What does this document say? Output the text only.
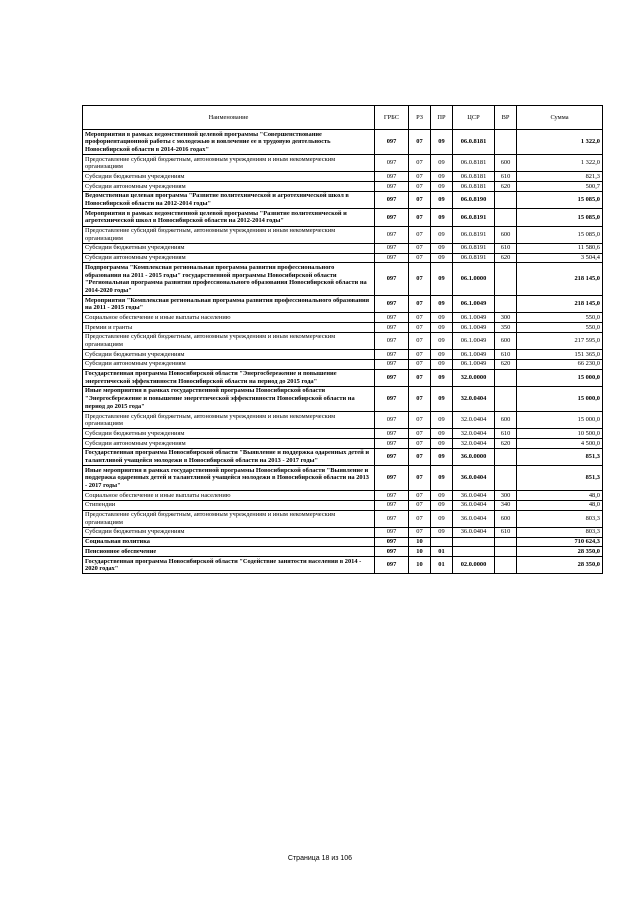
Наименование	ГРБС	РЗ	ПР	ЦСР	ВР	Сумма
Мероприятия в рамках ведомственной целевой программы "Совершенствование профориентационной работы с молодежью и вовлечение ее в трудовую деятельность Новосибирской области в 2014-2016 годах"	097	07	09	06.0.8181		1 322,0
Предоставление субсидий бюджетным, автономным учреждениям и иным некоммерческим организациям	097	07	09	06.0.8181	600	1 322,0
Субсидии бюджетным учреждениям	097	07	09	06.0.8181	610	821,3
Субсидии автономным учреждениям	097	07	09	06.0.8181	620	500,7
Ведомственная целевая программа "Развитие политехнической и агротехнической школ в Новосибирской области на 2012-2014 годы"	097	07	09	06.0.8190		15 085,0
Мероприятия в рамках ведомственной целевой программы "Развитие политехнической и агротехнической школ в Новосибирской области на 2012-2014 годы"	097	07	09	06.0.8191		15 085,0
Предоставление субсидий бюджетным, автономным учреждениям и иным некоммерческим организациям	097	07	09	06.0.8191	600	15 085,0
Субсидии бюджетным учреждениям	097	07	09	06.0.8191	610	11 580,6
Субсидии автономным учреждениям	097	07	09	06.0.8191	620	3 504,4
Подпрограмма "Комплексная региональная программа развития профессионального образования на 2011 - 2015 годы" государственной программы Новосибирской области "Региональная программа развития профессионального образования Новосибирской области на 2014-2020 годы"	097	07	09	06.1.0000		218 145,0
Мероприятия "Комплексная региональная программа развития профессионального образования на 2011 - 2015 годы"	097	07	09	06.1.0049		218 145,0
Социальное обеспечение и иные выплаты населению	097	07	09	06.1.0049	300	550,0
Премии и гранты	097	07	09	06.1.0049	350	550,0
Предоставление субсидий бюджетным, автономным учреждениям и иным некоммерческим организациям	097	07	09	06.1.0049	600	217 595,0
Субсидии бюджетным учреждениям	097	07	09	06.1.0049	610	151 365,0
Субсидии автономным учреждениям	097	07	09	06.1.0049	620	66 230,0
Государственная программа Новосибирской области "Энергосбережение и повышение энергетической эффективности Новосибирской области на период до 2015 года"	097	07	09	32.0.0000		15 000,0
Иные мероприятия в рамках государственной программы Новосибирской области "Энергосбережение и повышение энергетической эффективности Новосибирской области на период до 2015 года"	097	07	09	32.0.0404		15 000,0
Предоставление субсидий бюджетным, автономным учреждениям и иным некоммерческим организациям	097	07	09	32.0.0404	600	15 000,0
Субсидии бюджетным учреждениям	097	07	09	32.0.0404	610	10 500,0
Субсидии автономным учреждениям	097	07	09	32.0.0404	620	4 500,0
Государственная программа Новосибирской области "Выявление и поддержка одаренных детей и талантливой учащейся молодежи в Новосибирской области на 2013 - 2017 годы"	097	07	09	36.0.0000		851,3
Иные мероприятия в рамках государственной программы Новосибирской области "Выявление и поддержка одаренных детей и талантливой учащейся молодежи в Новосибирской области на 2013 - 2017 годы"	097	07	09	36.0.0404		851,3
Социальное обеспечение и иные выплаты населению	097	07	09	36.0.0404	300	48,0
Стипендии	097	07	09	36.0.0404	340	48,0
Предоставление субсидий бюджетным, автономным учреждениям и иным некоммерческим организациям	097	07	09	36.0.0404	600	803,3
Субсидии бюджетным учреждениям	097	07	09	36.0.0404	610	803,3
Социальная политика	097	10				710 624,3
Пенсионное обеспечение	097	10	01			28 350,0
Государственная программа Новосибирской области "Содействие занятости населения в 2014 - 2020 годах"	097	10	01	02.0.0000		28 350,0
Страница 18 из 106
